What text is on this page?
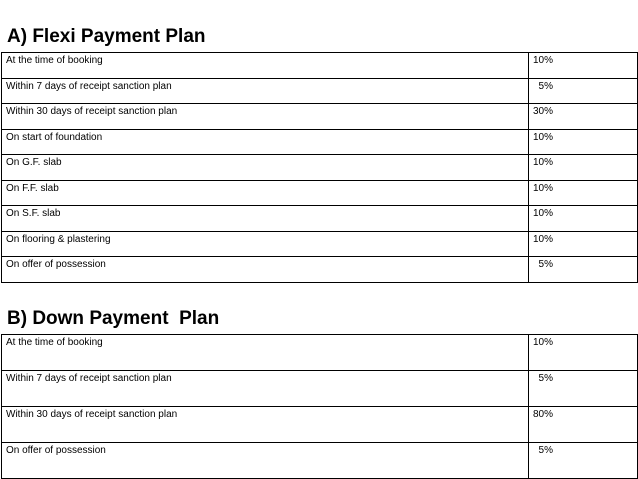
A) Flexi Payment Plan
At the time of booking	10%
Within 7 days of receipt sanction plan	5%
Within 30 days of receipt sanction plan	30%
On start of foundation	10%
On G.F. slab	10%
On F.F. slab	10%
On S.F. slab	10%
On flooring & plastering	10%
On offer of possession	5%
B) Down Payment  Plan
At the time of booking	10%
Within 7 days of receipt sanction plan	5%
Within 30 days of receipt sanction plan	80%
On offer of possession	5%
